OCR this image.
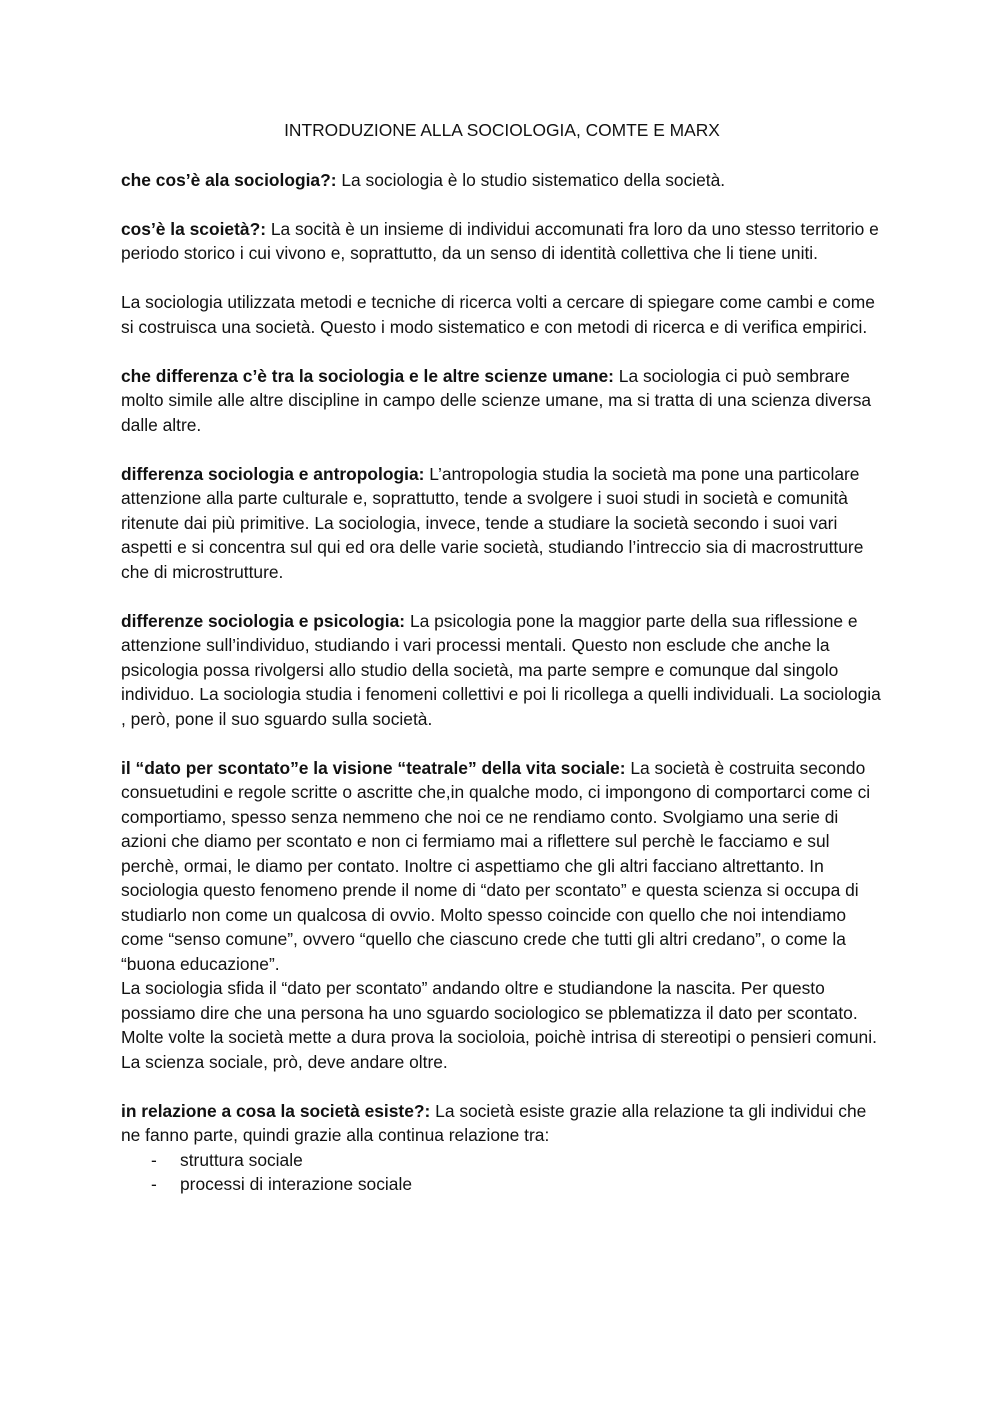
INTRODUZIONE ALLA SOCIOLOGIA, COMTE E MARX

che cos’è ala sociologia?: La sociologia è lo studio sistematico della società.

cos’è la scoietà?: La socità è un insieme di individui accomunati fra loro da uno stesso territorio e periodo storico i cui vivono e, soprattutto, da un senso di identità collettiva che li tiene uniti.

La sociologia utilizzata metodi e tecniche di ricerca volti a cercare di spiegare come cambi e come si costruisca una società. Questo i modo sistematico e con metodi di ricerca e di verifica empirici.

che differenza c’è tra la sociologia e le altre scienze umane: La sociologia ci può sembrare molto simile alle altre discipline in campo delle scienze umane, ma si tratta di una scienza diversa dalle altre.

differenza sociologia e antropologia: L’antropologia studia la società ma pone una particolare attenzione alla parte culturale e, soprattutto, tende a svolgere i suoi studi in società e comunità ritenute dai più primitive. La sociologia, invece, tende a studiare la società secondo i suoi vari aspetti e si concentra sul qui ed ora delle varie società, studiando l’intreccio sia di macrostrutture che di microstrutture.

differenze sociologia e psicologia: La psicologia pone la maggior parte della sua riflessione e attenzione sull’individuo, studiando i vari processi mentali. Questo non esclude che anche la psicologia possa rivolgersi allo studio della società, ma parte sempre e comunque dal singolo individuo. La sociologia studia i fenomeni collettivi e poi li ricollega a quelli individuali. La sociologia , però, pone il suo sguardo sulla società.

il “dato per scontato”e la visione “teatrale” della vita sociale: La società è costruita secondo consuetudini e regole scritte o ascritte che,in qualche modo, ci impongono di comportarci come ci comportiamo, spesso senza nemmeno che noi ce ne rendiamo conto. Svolgiamo una serie di azioni che diamo per scontato e non ci fermiamo mai a riflettere sul perchè le facciamo e sul perchè, ormai, le diamo per contato. Inoltre ci aspettiamo che gli altri facciano altrettanto. In sociologia questo fenomeno prende il nome di “dato per scontato” e questa scienza si occupa di studiarlo non come un qualcosa di ovvio. Molto spesso coincide con quello che noi intendiamo come “senso comune”, ovvero “quello che ciascuno crede che tutti gli altri credano”, o come la “buona educazione”.

La sociologia sfida il “dato per scontato” andando oltre e studiandone la nascita. Per questo possiamo dire che una persona ha uno sguardo sociologico se pblematizza il dato per scontato. Molte volte la società mette a dura prova la socioloia, poichè intrisa di stereotipi o pensieri comuni. La scienza sociale, prò, deve andare oltre.

in relazione a cosa la società esiste?: La società esiste grazie alla relazione ta gli individui che ne fanno parte, quindi grazie alla continua relazione tra:

- struttura sociale
- processi di interazione sociale
